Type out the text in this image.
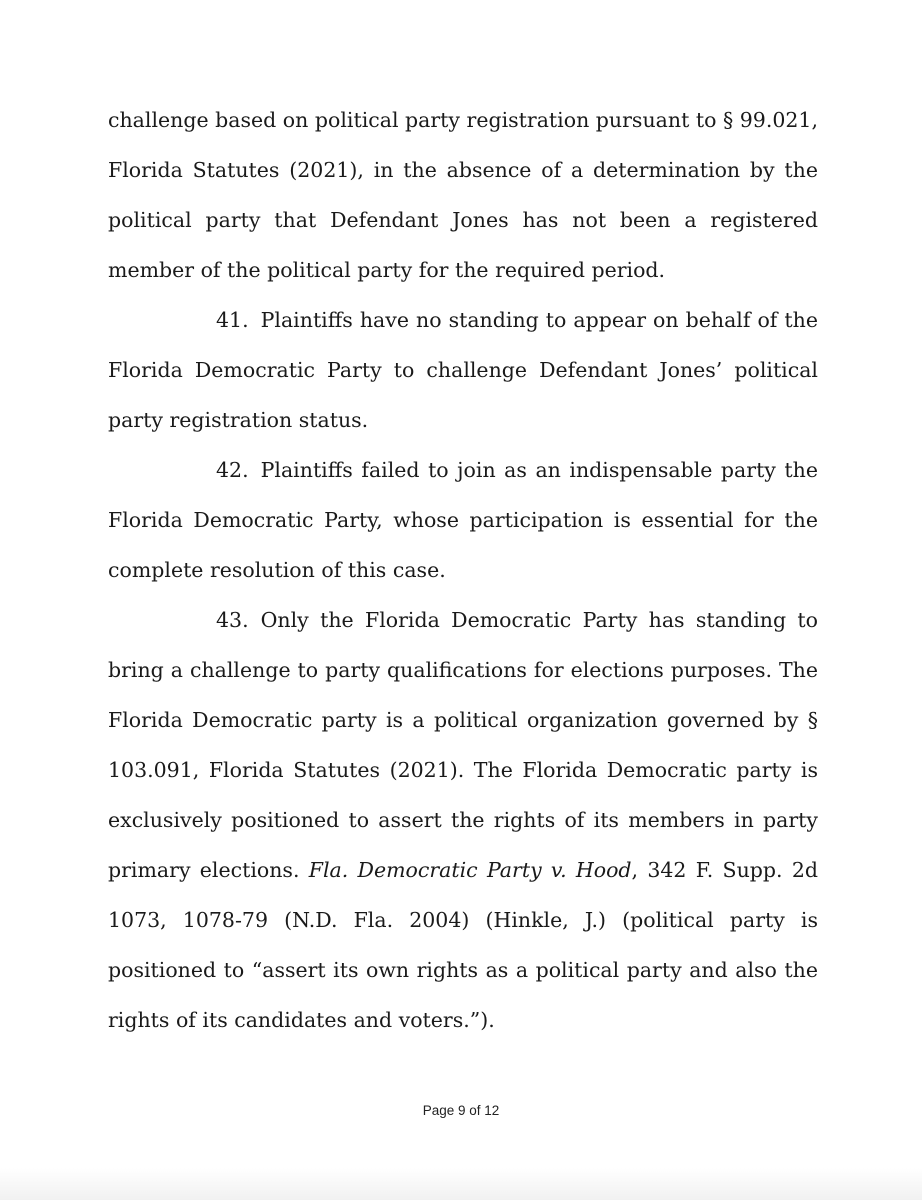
challenge based on political party registration pursuant to § 99.021, Florida Statutes (2021), in the absence of a determination by the political party that Defendant Jones has not been a registered member of the political party for the required period.

41. Plaintiffs have no standing to appear on behalf of the Florida Democratic Party to challenge Defendant Jones’ political party registration status.

42. Plaintiffs failed to join as an indispensable party the Florida Democratic Party, whose participation is essential for the complete resolution of this case.

43. Only the Florida Democratic Party has standing to bring a challenge to party qualifications for elections purposes. The Florida Democratic party is a political organization governed by § 103.091, Florida Statutes (2021). The Florida Democratic party is exclusively positioned to assert the rights of its members in party primary elections. Fla. Democratic Party v. Hood, 342 F. Supp. 2d 1073, 1078-79 (N.D. Fla. 2004) (Hinkle, J.) (political party is positioned to “assert its own rights as a political party and also the rights of its candidates and voters.”).

Page 9 of 12
